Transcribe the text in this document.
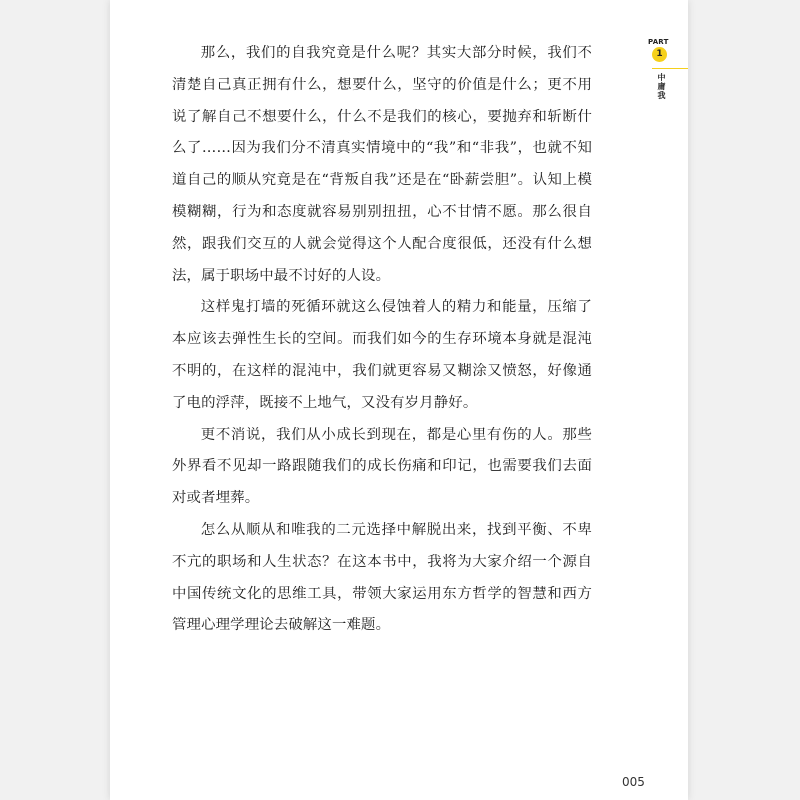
那么，我们的自我究竟是什么呢？其实大部分时候，我们不清楚自己真正拥有什么，想要什么，坚守的价值是什么；更不用说了解自己不想要什么，什么不是我们的核心，要抛弃和斩断什么了……因为我们分不清真实情境中的“我”和“非我”，也就不知道自己的顺从究竟是在“背叛自我”还是在“卧薪尝胆”。认知上模模糊糊，行为和态度就容易别别扭扭，心不甘情不愿。那么很自然，跟我们交互的人就会觉得这个人配合度很低，还没有什么想法，属于职场中最不讨好的人设。

这样鬼打墙的死循环就这么侵蚀着人的精力和能量，压缩了本应该去弹性生长的空间。而我们如今的生存环境本身就是混沌不明的，在这样的混沌中，我们就更容易又糊涂又愤怒，好像通了电的浮萍，既接不上地气，又没有岁月静好。

更不消说，我们从小成长到现在，都是心里有伤的人。那些外界看不见却一路跟随我们的成长伤痛和印记，也需要我们去面对或者埋葬。

怎么从顺从和唯我的二元选择中解脱出来，找到平衡、不卑不亢的职场和人生状态？在这本书中，我将为大家介绍一个源自中国传统文化的思维工具，带领大家运用东方哲学的智慧和西方管理心理学理论去破解这一难题。

PART
1
中庸我
005
